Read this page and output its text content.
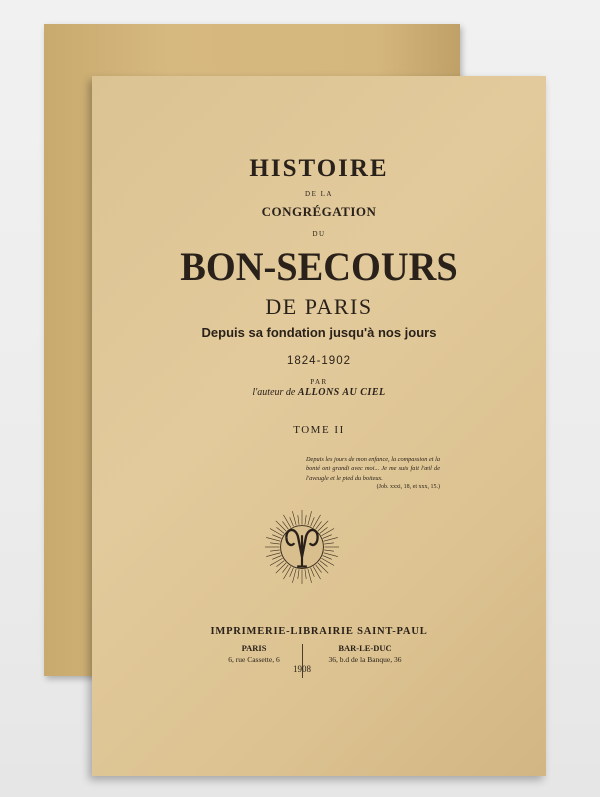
HISTOIRE
DE LA
CONGRÉGATION
DU
BON-SECOURS
DE PARIS
Depuis sa fondation jusqu'à nos jours
1824-1902
PAR
l'auteur de ALLONS AU CIEL
TOME II
Depuis les jours de mon enfance, la compassion et la bonté ont grandi avec moi... Je me suis fait l'œil de l'aveugle et le pied du boiteux.
(Job. xxxi, 18, et xxx, 15.)
IMPRIMERIE-LIBRAIRIE SAINT-PAUL
PARIS
6, rue Cassette, 6
BAR-LE-DUC
36, b.d de la Banque, 36
1908
